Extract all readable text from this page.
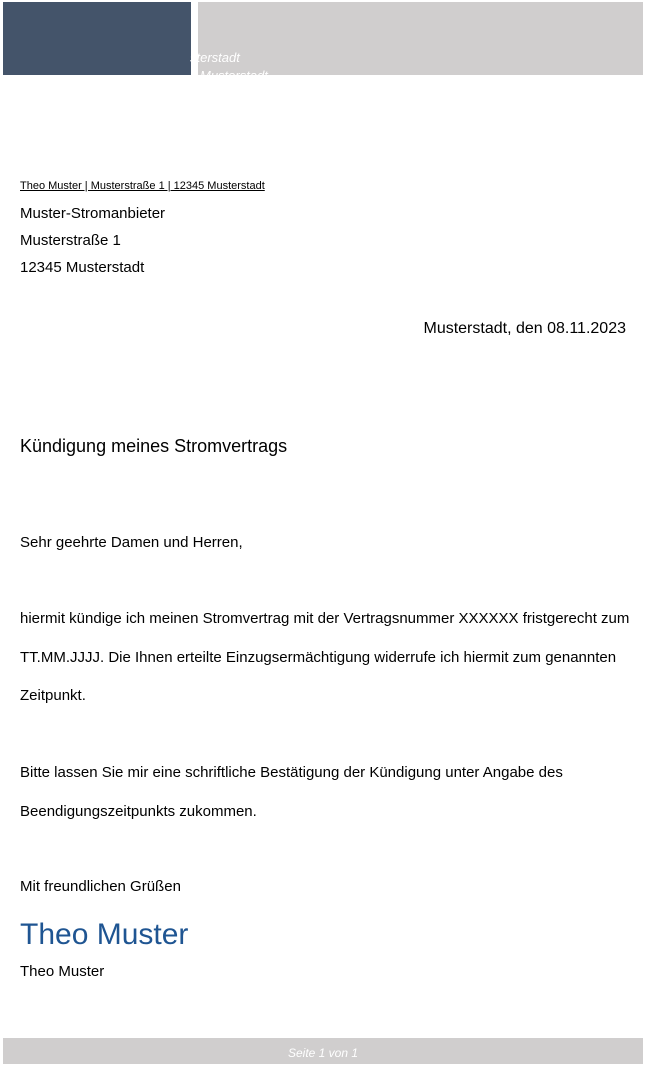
sterstadt
Musterstadt
Theo Muster | Musterstraße 1 | 12345 Musterstadt
Muster-Stromanbieter
Musterstraße 1
12345 Musterstadt
Musterstadt, den 08.11.2023
Kündigung meines Stromvertrags
Sehr geehrte Damen und Herren,
hiermit kündige ich meinen Stromvertrag mit der Vertragsnummer XXXXXX fristgerecht zum TT.MM.JJJJ. Die Ihnen erteilte Einzugsermächtigung widerrufe ich hiermit zum genannten Zeitpunkt.
Bitte lassen Sie mir eine schriftliche Bestätigung der Kündigung unter Angabe des Beendigungszeitpunkts zukommen.
Mit freundlichen Grüßen
Theo Muster
Theo Muster
Seite 1 von 1
